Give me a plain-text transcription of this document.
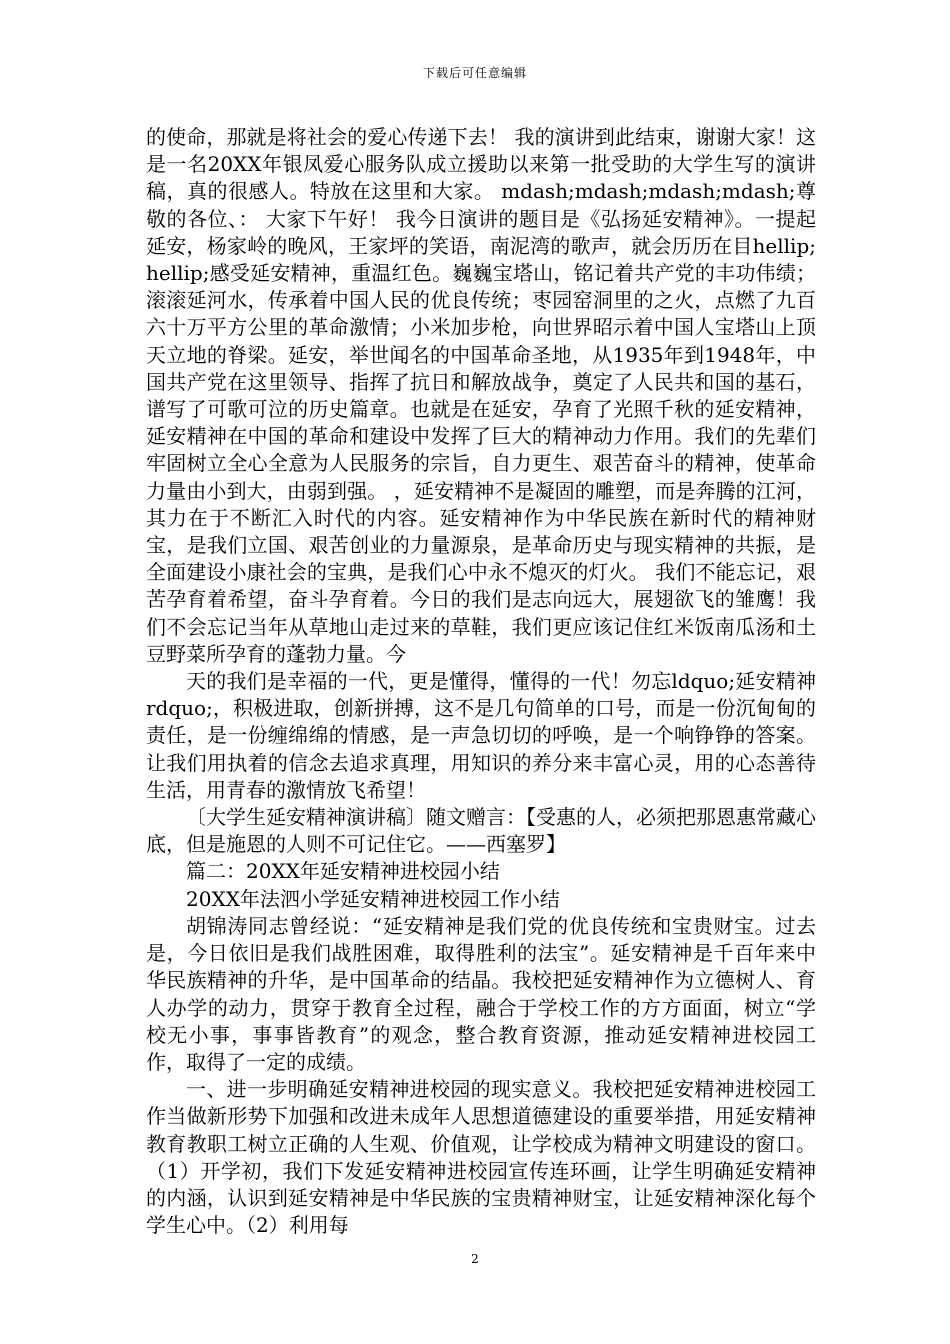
下载后可任意编辑

的使命，那就是将社会的爱心传递下去！ 我的演讲到此结束，谢谢大家！这是一名20XX年银凤爱心服务队成立援助以来第一批受助的大学生写的演讲稿，真的很感人。特放在这里和大家。 mdash;mdash;mdash;mdash;尊敬的各位、： 大家下午好！ 我今日演讲的题目是《弘扬延安精神》。一提起延安，杨家岭的晚风，王家坪的笑语，南泥湾的歌声，就会历历在目hellip;hellip;感受延安精神，重温红色。巍巍宝塔山，铭记着共产党的丰功伟绩；滚滚延河水，传承着中国人民的优良传统；枣园窑洞里的之火，点燃了九百六十万平方公里的革命激情；小米加步枪，向世界昭示着中国人宝塔山上顶天立地的脊梁。延安，举世闻名的中国革命圣地，从1935年到1948年，中国共产党在这里领导、指挥了抗日和解放战争，奠定了人民共和国的基石，谱写了可歌可泣的历史篇章。也就是在延安，孕育了光照千秋的延安精神，延安精神在中国的革命和建设中发挥了巨大的精神动力作用。我们的先辈们牢固树立全心全意为人民服务的宗旨，自力更生、艰苦奋斗的精神，使革命力量由小到大，由弱到强。 ，延安精神不是凝固的雕塑，而是奔腾的江河，其力在于不断汇入时代的内容。延安精神作为中华民族在新时代的精神财宝，是我们立国、艰苦创业的力量源泉，是革命历史与现实精神的共振，是全面建设小康社会的宝典，是我们心中永不熄灭的灯火。 我们不能忘记，艰苦孕育着希望，奋斗孕育着。今日的我们是志向远大，展翅欲飞的雏鹰！我们不会忘记当年从草地山走过来的草鞋，我们更应该记住红米饭南瓜汤和土豆野菜所孕育的蓬勃力量。今

天的我们是幸福的一代，更是懂得，懂得的一代！勿忘ldquo;延安精神rdquo;，积极进取，创新拼搏，这不是几句简单的口号，而是一份沉甸甸的责任，是一份缠绵绵的情感，是一声急切切的呼唤，是一个响铮铮的答案。让我们用执着的信念去追求真理，用知识的养分来丰富心灵，用的心态善待生活，用青春的激情放飞希望！

〔大学生延安精神演讲稿〕随文赠言：【受惠的人，必须把那恩惠常藏心底，但是施恩的人则不可记住它。——西塞罗】

篇二：20XX年延安精神进校园小结

20XX年法泗小学延安精神进校园工作小结

胡锦涛同志曾经说：“延安精神是我们党的优良传统和宝贵财宝。过去是，今日依旧是我们战胜困难，取得胜利的法宝”。延安精神是千百年来中华民族精神的升华，是中国革命的结晶。我校把延安精神作为立德树人、育人办学的动力，贯穿于教育全过程，融合于学校工作的方方面面，树立“学校无小事，事事皆教育”的观念，整合教育资源，推动延安精神进校园工作，取得了一定的成绩。

一、进一步明确延安精神进校园的现实意义。我校把延安精神进校园工作当做新形势下加强和改进未成年人思想道德建设的重要举措，用延安精神教育教职工树立正确的人生观、价值观，让学校成为精神文明建设的窗口。（1）开学初，我们下发延安精神进校园宣传连环画，让学生明确延安精神的内涵，认识到延安精神是中华民族的宝贵精神财宝，让延安精神深化每个学生心中。（2）利用每

2
